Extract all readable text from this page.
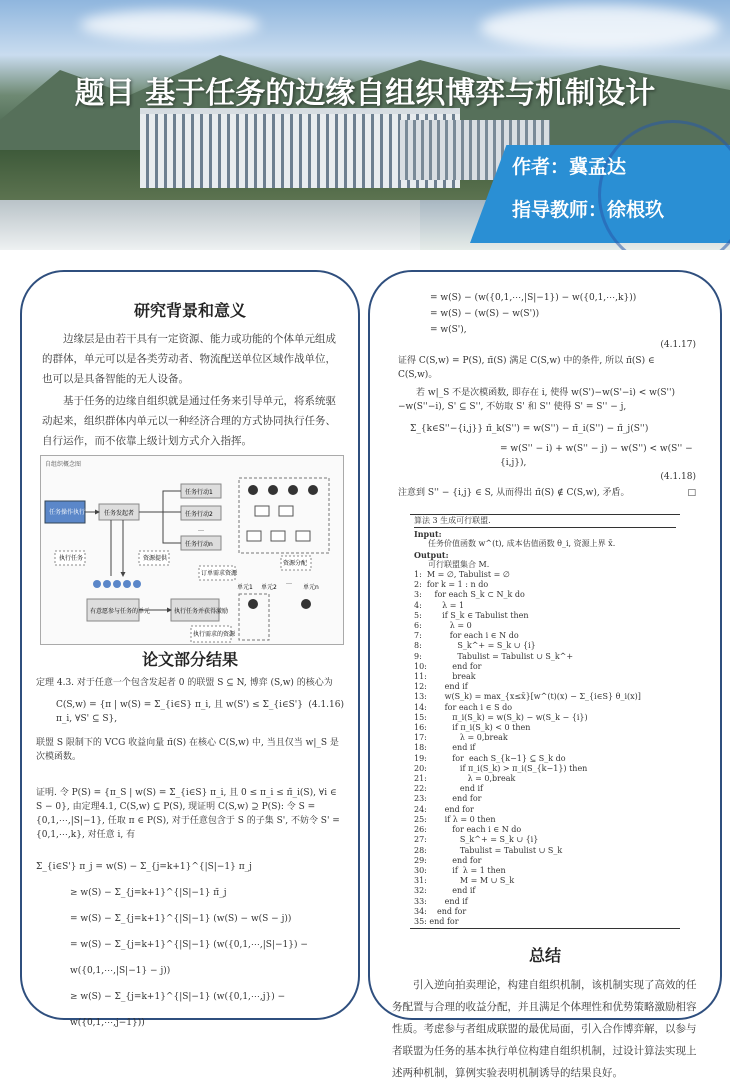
题目 基于任务的边缘自组织博弈与机制设计
作者：冀孟达
指导教师：徐根玖
研究背景和意义
边缘层是由若干具有一定资源、能力或功能的个体单元组成的群体，单元可以是各类劳动者、物流配送单位区域作战单位，也可以是具备智能的无人设备。
基于任务的边缘自组织就是通过任务来引导单元，将系统驱动起来，组织群体内单元以一种经济合理的方式协同执行任务、自行运作，而不依靠上级计划方式介入指挥。
自组织概念图
任务操作执行预置 任务发起者
任务行动1
任务行动2
…
任务行动n
执行任务	资源提供
有意愿参与任务的单元	执行任务并获得激励
资源分配
订单需求资源
单元1 单元2
…
单元n
执行需求的资源
论文部分结果
定理 4.3. 对于任意一个包含发起者 0 的联盟 S ⊆ N, 博弈 (S,w) 的核心为
(4.1.16)
C(S,w) = {π | w(S) = Σ_{i∈S} π_i, 且 w(S') ≤ Σ_{i∈S'} π_i, ∀S' ⊆ S},
联盟 S 限制下的 VCG 收益向量 π̄(S) 在核心 C(S,w) 中, 当且仅当 w|_S 是次模函数。
证明. 令 P(S) = {π_S | w(S) = Σ_{i∈S} π_i, 且 0 ≤ π_i ≤ π̄_i(S), ∀i ∈ S − 0}, 由定理4.1, C(S,w) ⊆ P(S), 现证明 C(S,w) ⊇ P(S): 令 S = {0,1,⋯,|S|−1}, 任取 π ∈ P(S), 对于任意包含于 S 的子集 S', 不妨令 S' = {0,1,⋯,k}, 对任意 i, 有
Σ_{i∈S'} π_j = w(S) − Σ_{j=k+1}^{|S|−1} π_j
≥ w(S) − Σ_{j=k+1}^{|S|−1} π̄_j
= w(S) − Σ_{j=k+1}^{|S|−1} (w(S) − w(S − j))
= w(S) − Σ_{j=k+1}^{|S|−1} (w({0,1,⋯,|S|−1}) − w({0,1,⋯,|S|−1} − j))
≥ w(S) − Σ_{j=k+1}^{|S|−1} (w({0,1,⋯,j}) − w({0,1,⋯,j−1}))
= w(S) − (w({0,1,⋯,|S|−1}) − w({0,1,⋯,k}))
= w(S) − (w(S) − w(S'))
= w(S'),
(4.1.17)
证得 C(S,w) = P(S), π̄(S) 满足 C(S,w) 中的条件, 所以 π̄(S) ∈ C(S,w)。
若 w|_S 不是次模函数, 即存在 i, 使得 w(S')−w(S'−i) < w(S'')−w(S''−i), S' ⊆ S'', 不妨取 S' 和 S'' 使得 S' = S'' − j,
Σ_{k∈S''−{i,j}} π̄_k(S'') = w(S'') − π̄_i(S'') − π̄_j(S'')
= w(S'' − i) + w(S'' − j) − w(S'') < w(S'' − {i,j}),
(4.1.18)
□
注意到 S'' − {i,j} ∈ S, 从而得出 π̄(S) ∉ C(S,w), 矛盾。
算法 3 生成可行联盟.
Input:
任务价值函数 w^(t), 成本估值函数 θ_i, 资源上界 x̄.
Output:
可行联盟集合 M.
1:  M = ∅, Tabulist = ∅
2:  for k = 1 : n do
3:     for each S_k ⊂ N_k do
4:        λ = 1
5:        if S_k ∈ Tabulist then
6:           λ = 0
7:           for each i ∈ N do
8:              S_k^+ = S_k ∪ {i}
9:              Tabulist = Tabulist ∪ S_k^+
10:          end for
11:          break
12:       end if
13:       w(S_k) = max_{x≤x̄}[w^(t)(x) − Σ_{i∈S} θ_i(x)]
14:       for each i ∈ S do
15:          π_i(S_k) = w(S_k) − w(S_k − {i})
16:          if π_i(S_k) < 0 then
17:             λ = 0,break
18:          end if
19:          for  each S_{k−1} ⊆ S_k do
20:             if π_i(S_k) > π_i(S_{k−1}) then
21:                λ = 0,break
22:             end if
23:          end for
24:       end for
25:       if λ = 0 then
26:          for each i ∈ N do
27:             S_k^+ = S_k ∪ {i}
28:             Tabulist = Tabulist ∪ S_k
29:          end for
30:          if  λ = 1 then
31:             M = M ∪ S_k
32:          end if
33:       end if
34:    end for
35: end for
总结
引入逆向拍卖理论，构建自组织机制，该机制实现了高效的任务配置与合理的收益分配，并且满足个体理性和优势策略激励相容性质。考虑参与者组成联盟的最优局面，引入合作博弈解，以参与者联盟为任务的基本执行单位构建自组织机制，过设计算法实现上述两种机制，算例实验表明机制诱导的结果良好。
